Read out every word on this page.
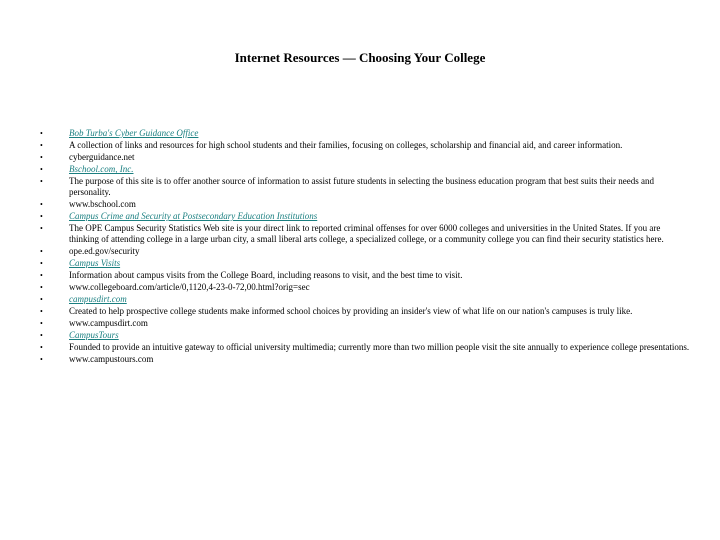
Internet Resources — Choosing Your College
•	Bob Turba's Cyber Guidance Office
•	A collection of links and resources for high school students and their families, focusing on colleges, scholarship and financial aid, and career information.
•	cyberguidance.net
•	Bschool.com, Inc.
•	The purpose of this site is to offer another source of information to assist future students in selecting the business education program that best suits their needs and personality.
•	www.bschool.com
•	Campus Crime and Security at Postsecondary Education Institutions
•	The OPE Campus Security Statistics Web site is your direct link to reported criminal offenses for over 6000 colleges and universities in the United States. If you are thinking of attending college in a large urban city, a small liberal arts college, a specialized college, or a community college you can find their security statistics here.
•	ope.ed.gov/security
•	Campus Visits
•	Information about campus visits from the College Board, including reasons to visit, and the best time to visit.
•	www.collegeboard.com/article/0,1120,4-23-0-72,00.html?orig=sec
•	campusdirt.com
•	Created to help prospective college students make informed school choices by providing an insider's view of what life on our nation's campuses is truly like.
•	www.campusdirt.com
•	CampusTours
•	Founded to provide an intuitive gateway to official university multimedia; currently more than two million people visit the site annually to experience college presentations.
•	www.campustours.com
